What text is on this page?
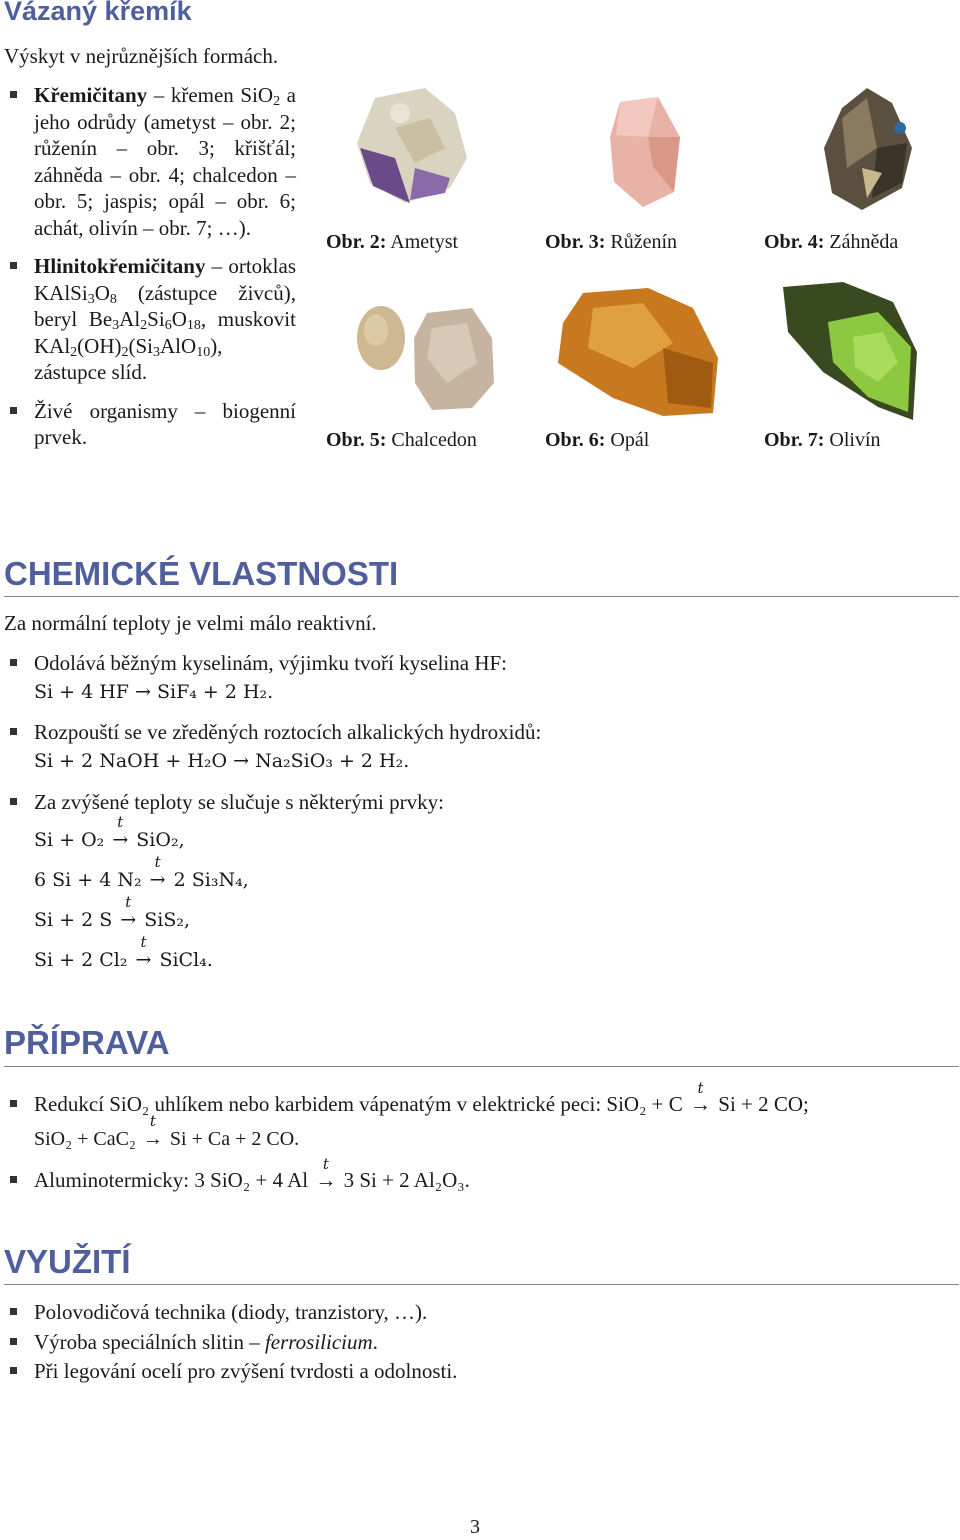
Vázaný křemík
Výskyt v nejrůznějších formách.
Křemičitany – křemen SiO$_2$ a jeho odrůdy (ametyst – obr. 2; růženín – obr. 3; křišťál; záhněda – obr. 4; chalcedon – obr. 5; jaspis; opál – obr. 6; achát, olivín – obr. 7; …).
Hlinitokřemičitany – ortoklas $KAlSi_3O_8$ (zástupce živců), beryl $Be_3Al_2Si_6O_{18}$, muskovit $KAl_2(OH)_2(Si_3AlO_{10})$, zástupce slíd.
Živé organismy – biogenní prvek.
Obr. 2: Ametyst	Obr. 3: Růženín	Obr. 4: Záhněda
Obr. 5: Chalcedon	Obr. 6: Opál	Obr. 7: Olivín
CHEMICKÉ VLASTNOSTI
Za normální teploty je velmi málo reaktivní.
Odolává běžným kyselinám, výjimku tvoří kyselina HF:
Si + 4 HF → SiF₄ + 2 H₂.
Rozpouští se ve zředěných roztocích alkalických hydroxidů:
Si + 2 NaOH + H₂O → Na₂SiO₃ + 2 H₂.
Za zvýšené teploty se slučuje s některými prvky:
Si + O₂
t
→ SiO₂,
6 Si + 4 N₂
t
→ 2 Si₃N₄,
Si + 2 S
t
→ SiS₂,
Si + 2 Cl₂
t
→ SiCl₄.
PŘÍPRAVA
Redukcí SiO₂ uhlíkem nebo karbidem vápenatým v elektrické peci: SiO₂ + C
t
→ Si + 2 CO;
SiO₂ + CaC₂
t
→ Si + Ca + 2 CO.
Aluminotermicky: 3 SiO₂ + 4 Al
t
→ 3 Si + 2 Al₂O₃.
VYUŽITÍ
Polovodičová technika (diody, tranzistory, …).
Výroba speciálních slitin – ferrosilicium.
Při legování ocelí pro zvýšení tvrdosti a odolnosti.
3
